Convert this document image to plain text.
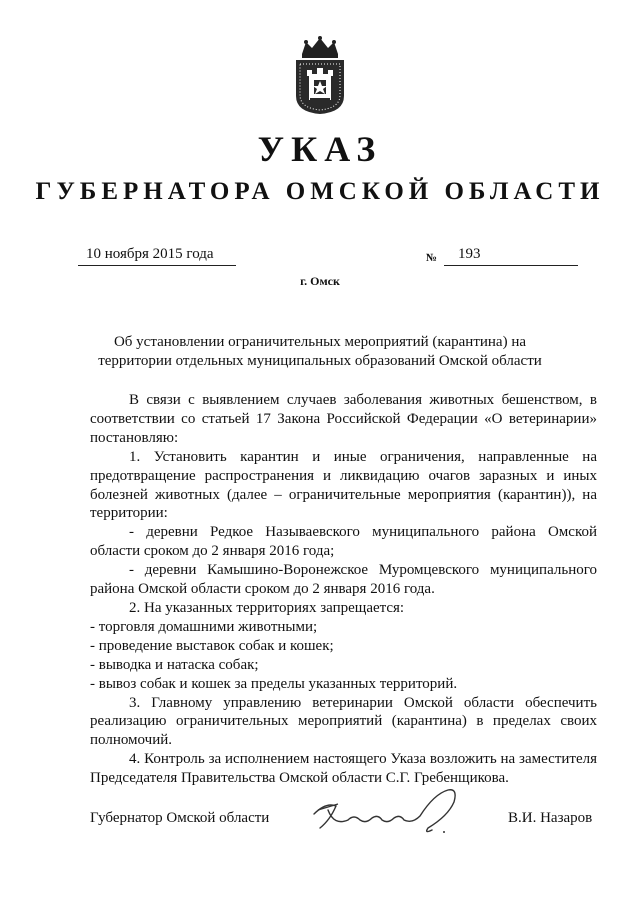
УКАЗ
ГУБЕРНАТОРА ОМСКОЙ ОБЛАСТИ
10 ноября 2015 года	№ 193
г. Омск

Об установлении ограничительных мероприятий (карантина) на территории отдельных муниципальных образований Омской области

В связи с выявлением случаев заболевания животных бешенством, в соответствии со статьей 17 Закона Российской Федерации «О ветеринарии» постановляю:

1. Установить карантин и иные ограничения, направленные на предотвращение распространения и ликвидацию очагов заразных и иных болезней животных (далее – ограничительные мероприятия (карантин)), на территории:

- деревни Редкое Называевского муниципального района Омской области сроком до 2 января 2016 года;

- деревни Камышино-Воронежское Муромцевского муниципального района Омской области сроком до 2 января 2016 года.

2. На указанных территориях запрещается:

- торговля домашними животными;

- проведение выставок собак и кошек;

- выводка и натаска собак;

- вывоз собак и кошек за пределы указанных территорий.

3. Главному управлению ветеринарии Омской области обеспечить реализацию ограничительных мероприятий (карантина) в пределах своих полномочий.

4. Контроль за исполнением настоящего Указа возложить на заместителя Председателя Правительства Омской области С.Г. Гребенщикова.

Губернатор Омской области	В.И. Назаров
